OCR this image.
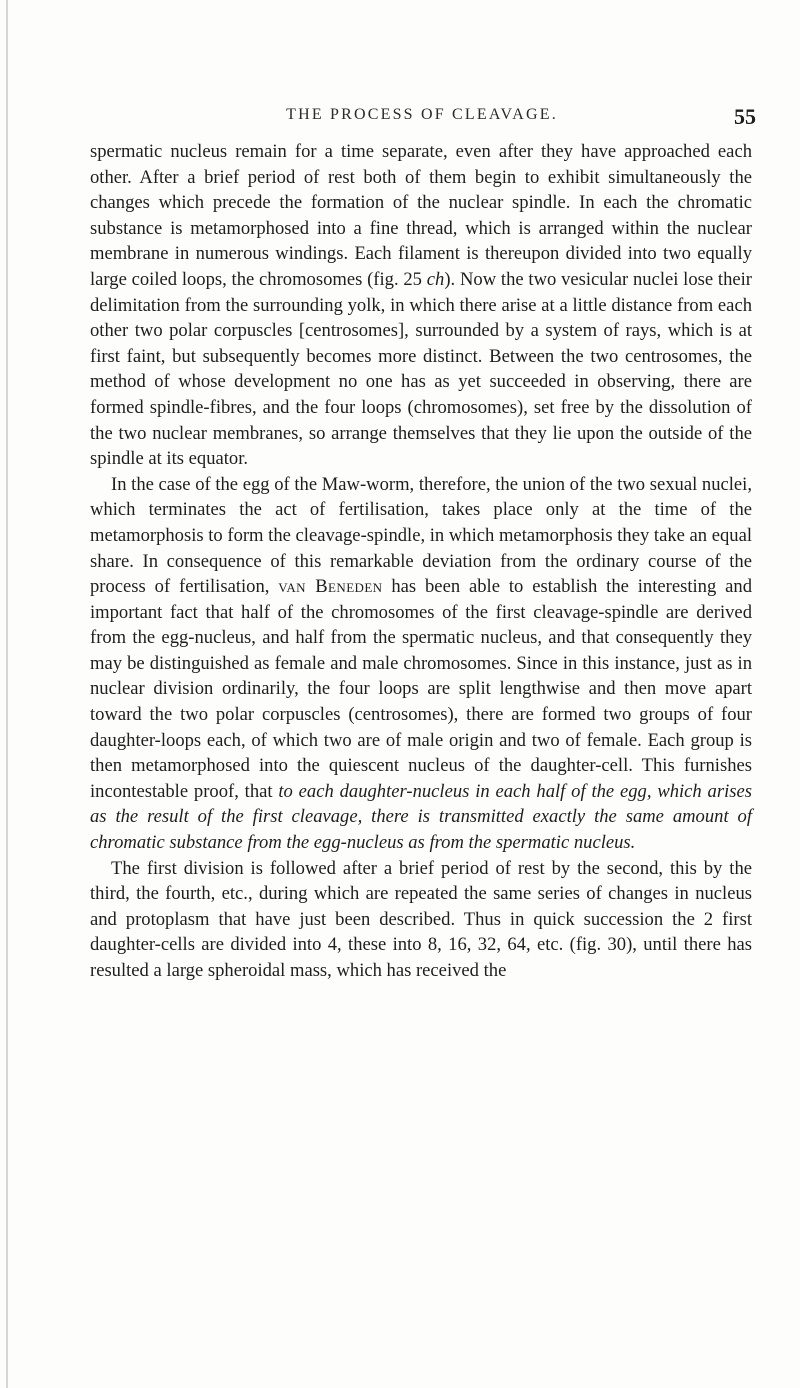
THE PROCESS OF CLEAVAGE.	55

spermatic nucleus remain for a time separate, even after they have approached each other. After a brief period of rest both of them begin to exhibit simultaneously the changes which precede the formation of the nuclear spindle. In each the chromatic substance is metamorphosed into a fine thread, which is arranged within the nuclear membrane in numerous windings. Each filament is thereupon divided into two equally large coiled loops, the chromosomes (fig. 25 ch). Now the two vesicular nuclei lose their delimitation from the surrounding yolk, in which there arise at a little distance from each other two polar corpuscles [centrosomes], surrounded by a system of rays, which is at first faint, but subsequently becomes more distinct. Between the two centrosomes, the method of whose development no one has as yet succeeded in observing, there are formed spindle-fibres, and the four loops (chromosomes), set free by the dissolution of the two nuclear membranes, so arrange themselves that they lie upon the outside of the spindle at its equator.

In the case of the egg of the Maw-worm, therefore, the union of the two sexual nuclei, which terminates the act of fertilisation, takes place only at the time of the metamorphosis to form the cleavage-spindle, in which metamorphosis they take an equal share. In consequence of this remarkable deviation from the ordinary course of the process of fertilisation, van Beneden has been able to establish the interesting and important fact that half of the chromosomes of the first cleavage-spindle are derived from the egg-nucleus, and half from the spermatic nucleus, and that consequently they may be distinguished as female and male chromosomes. Since in this instance, just as in nuclear division ordinarily, the four loops are split lengthwise and then move apart toward the two polar corpuscles (centrosomes), there are formed two groups of four daughter-loops each, of which two are of male origin and two of female. Each group is then metamorphosed into the quiescent nucleus of the daughter-cell. This furnishes incontestable proof, that to each daughter-nucleus in each half of the egg, which arises as the result of the first cleavage, there is transmitted exactly the same amount of chromatic substance from the egg-nucleus as from the spermatic nucleus.

The first division is followed after a brief period of rest by the second, this by the third, the fourth, etc., during which are repeated the same series of changes in nucleus and protoplasm that have just been described. Thus in quick succession the 2 first daughter-cells are divided into 4, these into 8, 16, 32, 64, etc. (fig. 30), until there has resulted a large spheroidal mass, which has received the
